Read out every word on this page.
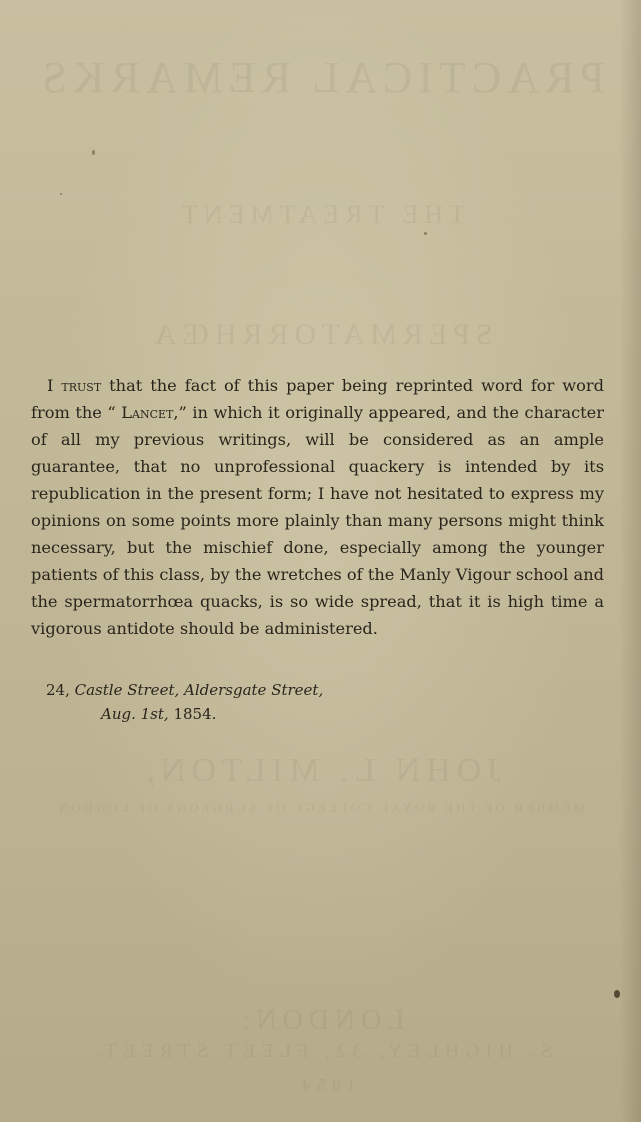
PRACTICAL REMARKS
THE TREATMENT
SPERMATORRHŒA
JOHN L. MILTON,
MEMBER OF THE ROYAL COLLEGE OF SURGEONS OF LONDON
LONDON:
S. HIGHLEY, 32, FLEET STREET.
1854.

I trust that the fact of this paper being reprinted word for word from the “ Lancet,” in which it originally appeared, and the character of all my previous writings, will be considered as an ample guarantee, that no unprofessional quackery is intended by its republication in the present form; I have not hesitated to express my opinions on some points more plainly than many persons might think necessary, but the mischief done, especially among the younger patients of this class, by the wretches of the Manly Vigour school and the spermatorrhœa quacks, is so wide spread, that it is high time a vigorous antidote should be administered.

24, Castle Street, Aldersgate Street,
Aug. 1st, 1854.
